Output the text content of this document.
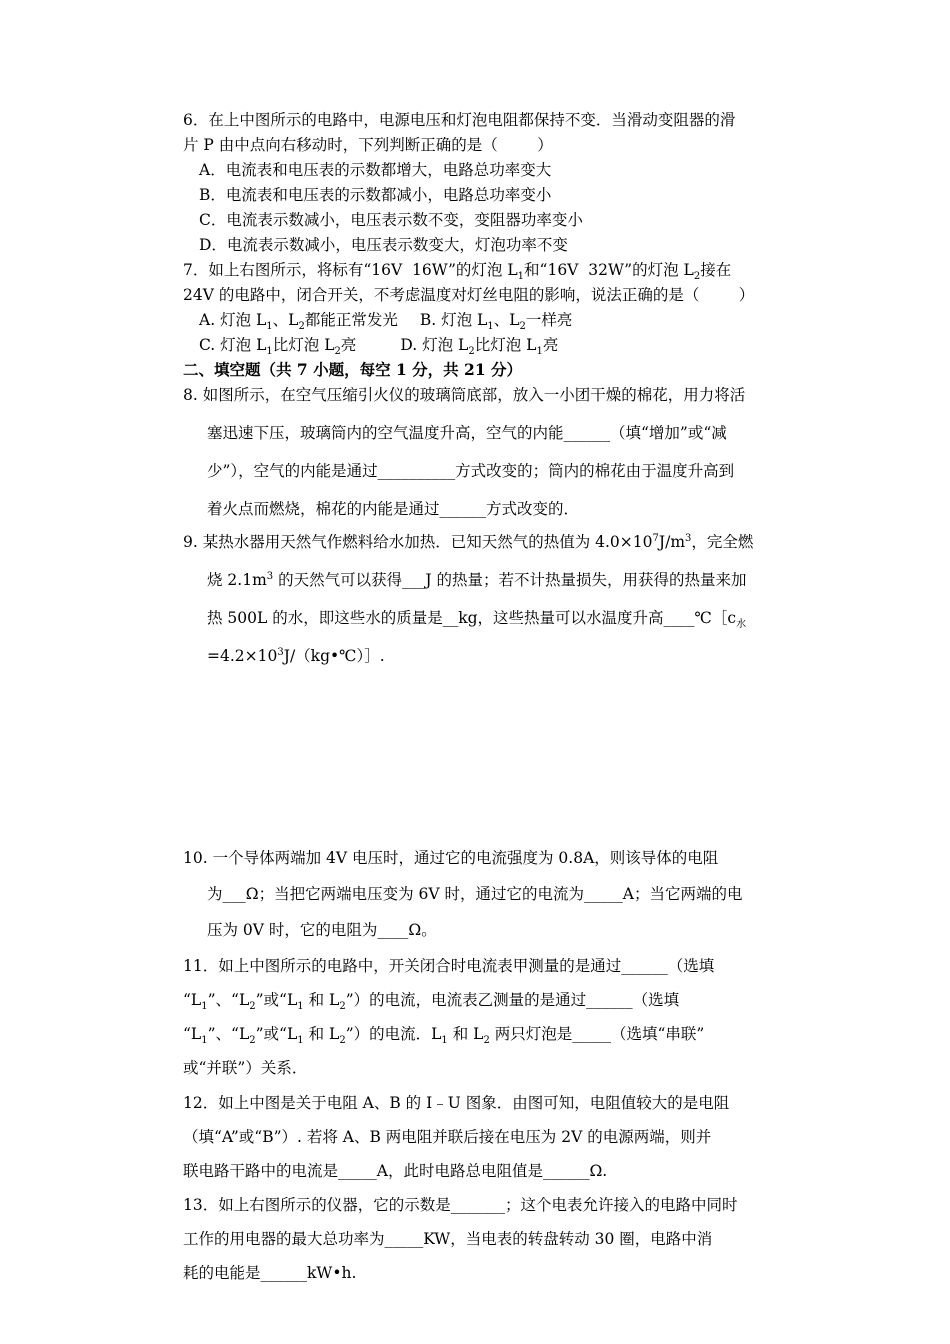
6．在上中图所示的电路中，电源电压和灯泡电阻都保持不变．当滑动变阻器的滑
片 P 由中点向右移动时，下列判断正确的是（        ）
A．电流表和电压表的示数都增大，电路总功率变大
B．电流表和电压表的示数都减小，电路总功率变小
C．电流表示数减小，电压表示数不变，变阻器功率变小
D．电流表示数减小，电压表示数变大，灯泡功率不变
7．如上右图所示，将标有“16V  16W”的灯泡 $L_1$和“16V  32W”的灯泡 $L_2$接在
24V 的电路中，闭合开关，不考虑温度对灯丝电阻的影响，说法正确的是（        ）
A. 灯泡 $L_1$、$L_2$都能正常发光 B. 灯泡 $L_1$、$L_2$一样亮
C. 灯泡 $L_1$比灯泡 $L_2$亮	D. 灯泡 $L_2$比灯泡 $L_1$亮
二、填空题（共 7 小题，每空 1 分，共 21 分）
8. 如图所示，在空气压缩引火仪的玻璃筒底部，放入一小团干燥的棉花，用力将活
塞迅速下压，玻璃筒内的空气温度升高，空气的内能______（填“增加”或“减
少”），空气的内能是通过__________方式改变的；筒内的棉花由于温度升高到
着火点而燃烧，棉花的内能是通过______方式改变的．
9. 某热水器用天然气作燃料给水加热．已知天然气的热值为 $4.0\times 10^7J/m^3$，完全燃
烧 $2.1m^3$ 的天然气可以获得___J 的热量；若不计热量损失，用获得的热量来加
热 500L 的水，即这些水的质量是__kg，这些热量可以水温度升高$\_\_\_\_℃[c_水$
$=4.2\times 10^3J/(kg•℃)]$.
10. 一个导体两端加 4V 电压时，通过它的电流强度为 0.8A，则该导体的电阻
为___Ω；当把它两端电压变为 6V 时，通过它的电流为_____A；当它两端的电
压为 0V 时，它的电阻为____Ω。
11．如上中图所示的电路中，开关闭合时电流表甲测量的是通过______（选填
“$L_1$”、“$L_2$”或“$L_1$ 和 $L_2$”）的电流，电流表乙测量的是通过______（选填
“$L_1$”、“$L_2$”或“$L_1$ 和 $L_2$”）的电流．$L_1$ 和 $L_2$ 两只灯泡是_____（选填“串联”
或“并联”）关系．
12．如上中图是关于电阻 A、B 的 I﹣U 图象．由图可知，电阻值较大的是电阻
（填“A”或“B”）. 若将 A、B 两电阻并联后接在电压为 2V 的电源两端，则并
联电路干路中的电流是_____A，此时电路总电阻值是______Ω.
13．如上右图所示的仪器，它的示数是_______；这个电表允许接入的电路中同时
工作的用电器的最大总功率为_____KW，当电表的转盘转动 30 圈，电路中消
耗的电能是______kW•h.
